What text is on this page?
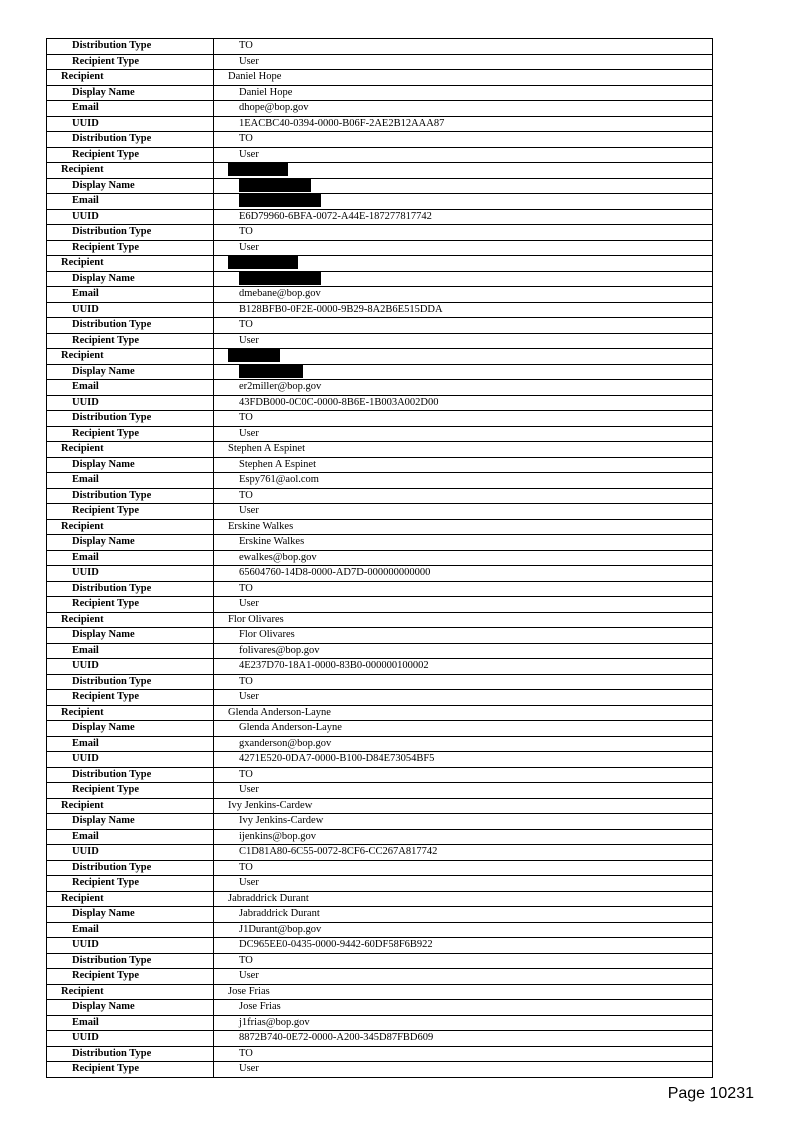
Distribution Type	TO
Recipient Type	User
Recipient	Daniel Hope
Display Name	Daniel Hope
Email	dhope@bop.gov
UUID	1EACBC40-0394-0000-B06F-2AE2B12AAA87
Distribution Type	TO
Recipient Type	User
Recipient	
Display Name	
Email	
UUID	E6D79960-6BFA-0072-A44E-187277817742
Distribution Type	TO
Recipient Type	User
Recipient	
Display Name	
Email	dmebane@bop.gov
UUID	B128BFB0-0F2E-0000-9B29-8A2B6E515DDA
Distribution Type	TO
Recipient Type	User
Recipient	
Display Name	
Email	er2miller@bop.gov
UUID	43FDB000-0C0C-0000-8B6E-1B003A002D00
Distribution Type	TO
Recipient Type	User
Recipient	Stephen A Espinet
Display Name	Stephen A Espinet
Email	Espy761@aol.com
Distribution Type	TO
Recipient Type	User
Recipient	Erskine Walkes
Display Name	Erskine Walkes
Email	ewalkes@bop.gov
UUID	65604760-14D8-0000-AD7D-000000000000
Distribution Type	TO
Recipient Type	User
Recipient	Flor Olivares
Display Name	Flor Olivares
Email	folivares@bop.gov
UUID	4E237D70-18A1-0000-83B0-000000100002
Distribution Type	TO
Recipient Type	User
Recipient	Glenda Anderson-Layne
Display Name	Glenda Anderson-Layne
Email	gxanderson@bop.gov
UUID	4271E520-0DA7-0000-B100-D84E73054BF5
Distribution Type	TO
Recipient Type	User
Recipient	Ivy Jenkins-Cardew
Display Name	Ivy Jenkins-Cardew
Email	ijenkins@bop.gov
UUID	C1D81A80-6C55-0072-8CF6-CC267A817742
Distribution Type	TO
Recipient Type	User
Recipient	Jabraddrick Durant
Display Name	Jabraddrick Durant
Email	J1Durant@bop.gov
UUID	DC965EE0-0435-0000-9442-60DF58F6B922
Distribution Type	TO
Recipient Type	User
Recipient	Jose Frias
Display Name	Jose Frias
Email	j1frias@bop.gov
UUID	8872B740-0E72-0000-A200-345D87FBD609
Distribution Type	TO
Recipient Type	User
Page 10231
